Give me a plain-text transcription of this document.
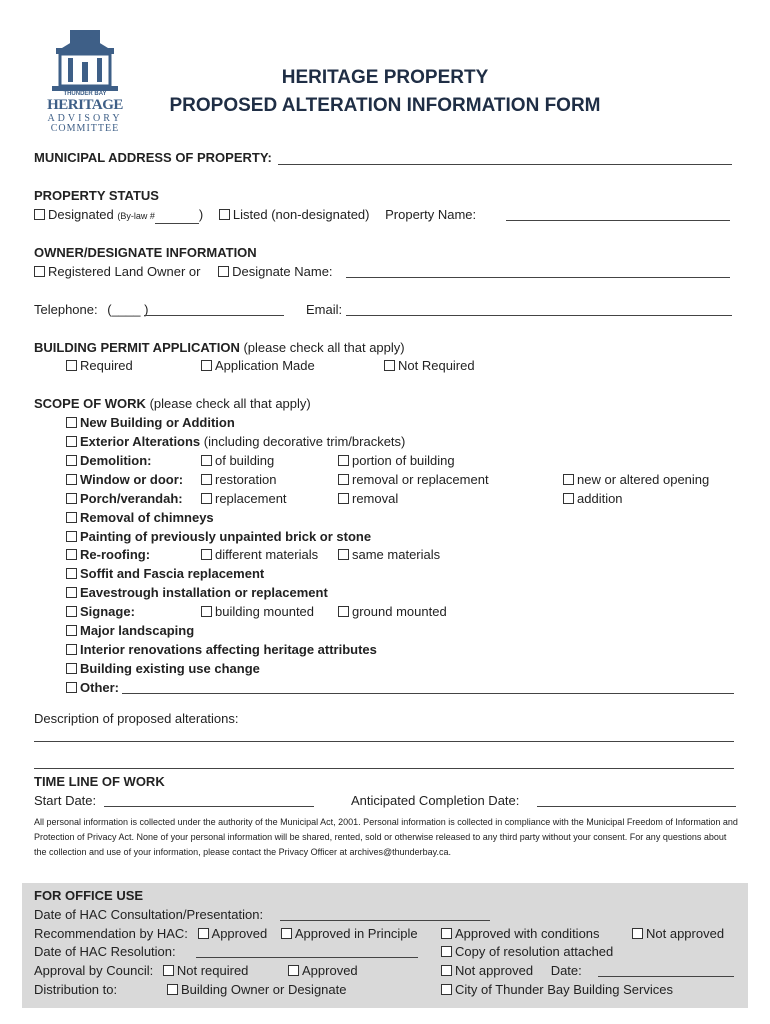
THUNDER BAY
HERITAGE
ADVISORY
COMMITTEE
HERITAGE PROPERTY
PROPOSED ALTERATION INFORMATION FORM
MUNICIPAL ADDRESS OF PROPERTY:
PROPERTY STATUS
Designated (By-law #	) Listed (non-designated) Property Name:
OWNER/DESIGNATE INFORMATION
Registered Land Owner or Designate Name:
Telephone: (____ )	Email:
BUILDING PERMIT APPLICATION (please check all that apply)
Required	Application Made	Not Required
SCOPE OF WORK (please check all that apply)
New Building or Addition
Exterior Alterations (including decorative trim/brackets)
Demolition:	of building	portion of building
Window or door:	restoration	removal or replacement	new or altered opening
Porch/verandah:	replacement	removal	addition
Removal of chimneys
Painting of previously unpainted brick or stone
Re-roofing:	different materials	same materials
Soffit and Fascia replacement
Eavestrough installation or replacement
Signage:	building mounted	ground mounted
Major landscaping
Interior renovations affecting heritage attributes
Building existing use change
Other:
Description of proposed alterations:
TIME LINE OF WORK
Start Date:	Anticipated Completion Date:
All personal information is collected under the authority of the Municipal Act, 2001. Personal information is collected in compliance with the Municipal Freedom of Information and Protection of Privacy Act. None of your personal information will be shared, rented, sold or otherwise released to any third party without your consent. For any questions about the collection and use of your information, please contact the Privacy Officer at archives@thunderbay.ca.
FOR OFFICE USE
Date of HAC Consultation/Presentation:
Recommendation by HAC: Approved Approved in Principle	Approved with conditions	Not approved
Date of HAC Resolution:	Copy of resolution attached
Approval by Council: Not required	Approved	Not approved Date:
Distribution to:	Building Owner or Designate	City of Thunder Bay Building Services
